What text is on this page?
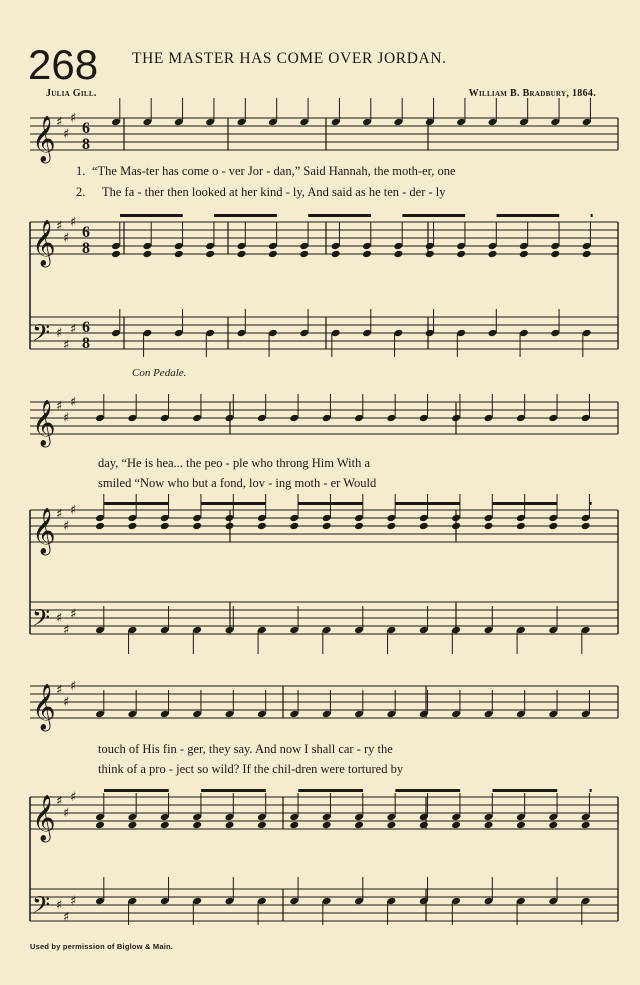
268 THE MASTER HAS COME OVER JORDAN.
Julia Gill.	William B. Bradbury, 1864.
𝄞 ♯
♯
♯
6
8
𝄞 ♯
♯
♯
6
8
𝄢 ♯
♯
♯ 6
8
𝄞 ♯
♯
♯
𝄞 ♯
♯
♯
𝄢 ♯
♯
♯
𝄞 ♯
♯
♯
𝄞 ♯
♯
♯
𝄢 ♯
♯
♯
1. “The Mas-ter has come o - ver Jor - dan,” Said Hannah, the moth-er, one
2. The fa - ther then looked at her kind - ly, And said as he ten - der - ly
day, “He is hea... the peo - ple who throng Him With a
smiled “Now who but a fond, lov - ing moth - er Would
touch of His fin - ger, they say. And now I shall car - ry the
think of a pro - ject so wild? If the chil-dren were tortured by
Con Pedale.
Used by permission of Biglow & Main.
